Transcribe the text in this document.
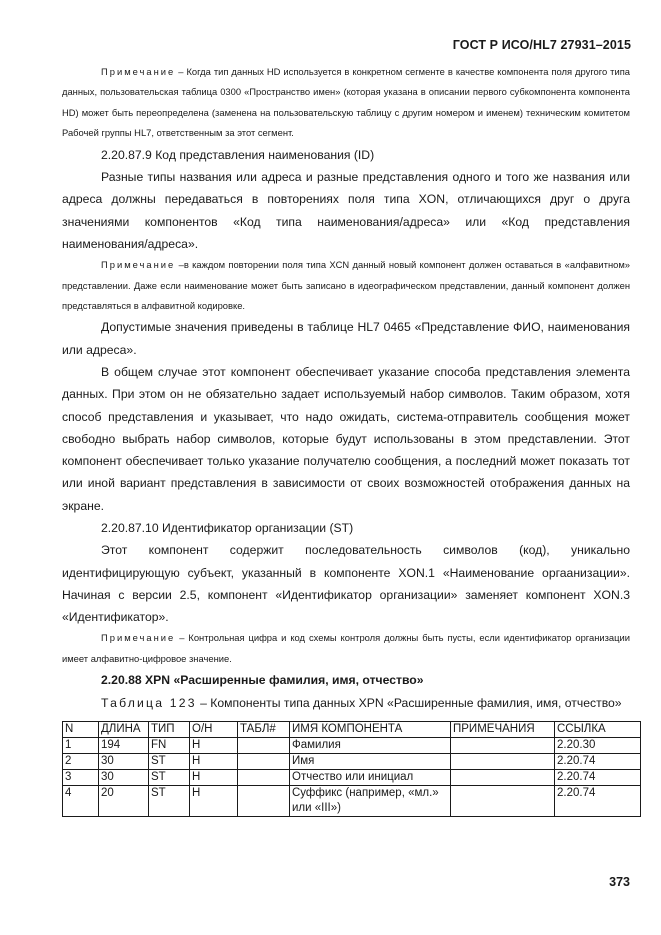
ГОСТ Р ИСО/HL7 27931–2015

Примечание – Когда тип данных HD используется в конкретном сегменте в качестве компонента поля другого типа данных, пользовательская таблица 0300 «Пространство имен» (которая указана в описании первого субкомпонента компонента HD) может быть переопределена (заменена на пользовательскую таблицу с другим номером и именем) техническим комитетом Рабочей группы HL7, ответственным за этот сегмент.

2.20.87.9 Код представления наименования (ID)

Разные типы названия или адреса и разные представления одного и того же названия или адреса должны передаваться в повторениях поля типа XON, отличающихся друг о друга значениями компонентов «Код типа наименования/адреса» или «Код представления наименования/адреса».

Примечание –в каждом повторении поля типа XCN данный новый компонент должен оставаться в «алфавитном» представлении. Даже если наименование может быть записано в идеографическом представлении, данный компонент должен представляться в алфавитной кодировке.

Допустимые значения приведены в таблице HL7 0465 «Представление ФИО, наименования или адреса».

В общем случае этот компонент обеспечивает указание способа представления элемента данных. При этом он не обязательно задает используемый набор символов. Таким образом, хотя способ представления и указывает, что надо ожидать, система-отправитель сообщения может свободно выбрать набор символов, которые будут использованы в этом представлении. Этот компонент обеспечивает только указание получателю сообщения, а последний может показать тот или иной вариант представления в зависимости от своих возможностей отображения данных на экране.

2.20.87.10 Идентификатор организации (ST)

Этот компонент содержит последовательность символов (код), уникально идентифицирующую субъект, указанный в компоненте XON.1 «Наименование оргаанизации». Начиная с версии 2.5, компонент «Идентификатор организации» заменяет компонент XON.3 «Идентификатор».

Примечание – Контрольная цифра и код схемы контроля должны быть пусты, если идентификатор организации имеет алфавитно-цифровое значение.

2.20.88 XPN «Расширенные фамилия, имя, отчество»

Таблица 123 – Компоненты типа данных XPN «Расширенные фамилия, имя, отчество»

N	ДЛИНА	ТИП	О/Н	ТАБЛ#	ИМЯ КОМПОНЕНТА	ПРИМЕЧАНИЯ	ССЫЛКА
1	194	FN	Н		Фамилия		2.20.30
2	30	ST	Н		Имя		2.20.74
3	30	ST	Н		Отчество или инициал		2.20.74
4	20	ST	Н		Суффикс (например, «мл.» или «III»)		2.20.74
373
